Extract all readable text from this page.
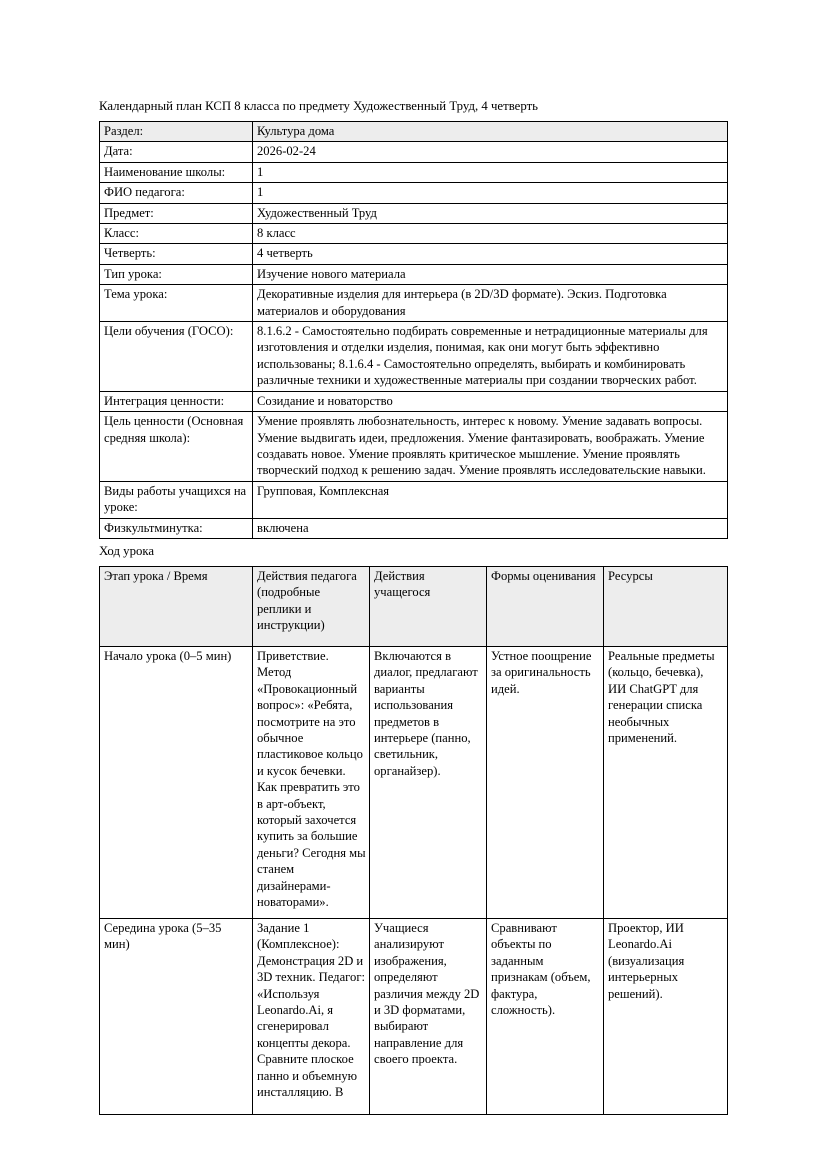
Календарный план КСП 8 класса по предмету Художественный Труд, 4 четверть
Раздел:	Культура дома
Дата:	2026-02-24
Наименование школы:	1
ФИО педагога:	1
Предмет:	Художественный Труд
Класс:	8 класс
Четверть:	4 четверть
Тип урока:	Изучение нового материала
Тема урока:	Декоративные изделия для интерьера (в 2D/3D формате). Эскиз. Подготовка материалов и оборудования
Цели обучения (ГОСО):	8.1.6.2 - Самостоятельно подбирать современные и нетрадиционные материалы для изготовления и отделки изделия, понимая, как они могут быть эффективно использованы; 8.1.6.4 - Самостоятельно определять, выбирать и комбинировать различные техники и художественные материалы при создании творческих работ.
Интеграция ценности:	Созидание и новаторство
Цель ценности (Основная средняя школа):	Умение проявлять любознательность, интерес к новому. Умение задавать вопросы. Умение выдвигать идеи, предложения. Умение фантазировать, воображать. Умение создавать новое. Умение проявлять критическое мышление. Умение проявлять творческий подход к решению задач. Умение проявлять исследовательские навыки.
Виды работы учащихся на уроке:	Групповая, Комплексная
Физкультминутка:	включена
Ход урока
Этап урока / Время	Действия педагога (подробные реплики и инструкции)	Действия учащегося	Формы оценивания	Ресурсы
Начало урока (0–5 мин)	Приветствие. Метод «Провокационный вопрос»: «Ребята, посмотрите на это обычное пластиковое кольцо и кусок бечевки. Как превратить это в арт-объект, который захочется купить за большие деньги? Сегодня мы станем дизайнерами-новаторами».	Включаются в диалог, предлагают варианты использования предметов в интерьере (панно, светильник, органайзер).	Устное поощрение за оригинальность идей.	Реальные предметы (кольцо, бечевка), ИИ ChatGPT для генерации списка необычных применений.

Середина урока (5–35 мин)	Задание 1 (Комплексное): Демонстрация 2D и 3D техник. Педагог: «Используя Leonardo.Ai, я сгенерировал концепты декора. Сравните плоское панно и объемную инсталляцию. В	Учащиеся анализируют изображения, определяют различия между 2D и 3D форматами, выбирают направление для своего проекта.	Сравнивают объекты по заданным признакам (объем, фактура, сложность).	Проектор, ИИ Leonardo.Ai (визуализация интерьерных решений).
